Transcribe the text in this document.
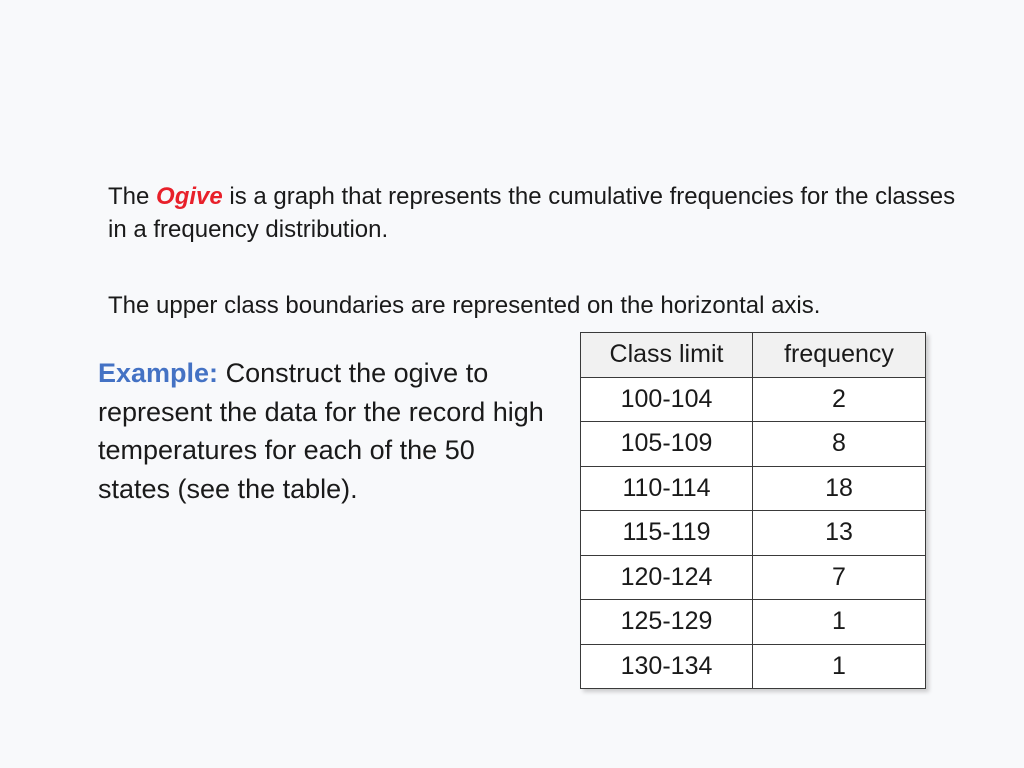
The Ogive is a graph that represents the cumulative frequencies for the classes in a frequency distribution.
The upper class boundaries are represented on the horizontal axis.
Example: Construct the ogive to represent the data for the record high temperatures for each of the 50 states (see the table).
Class limit	frequency
100-104	2
105-109	8
110-114	18
115-119	13
120-124	7
125-129	1
130-134	1
